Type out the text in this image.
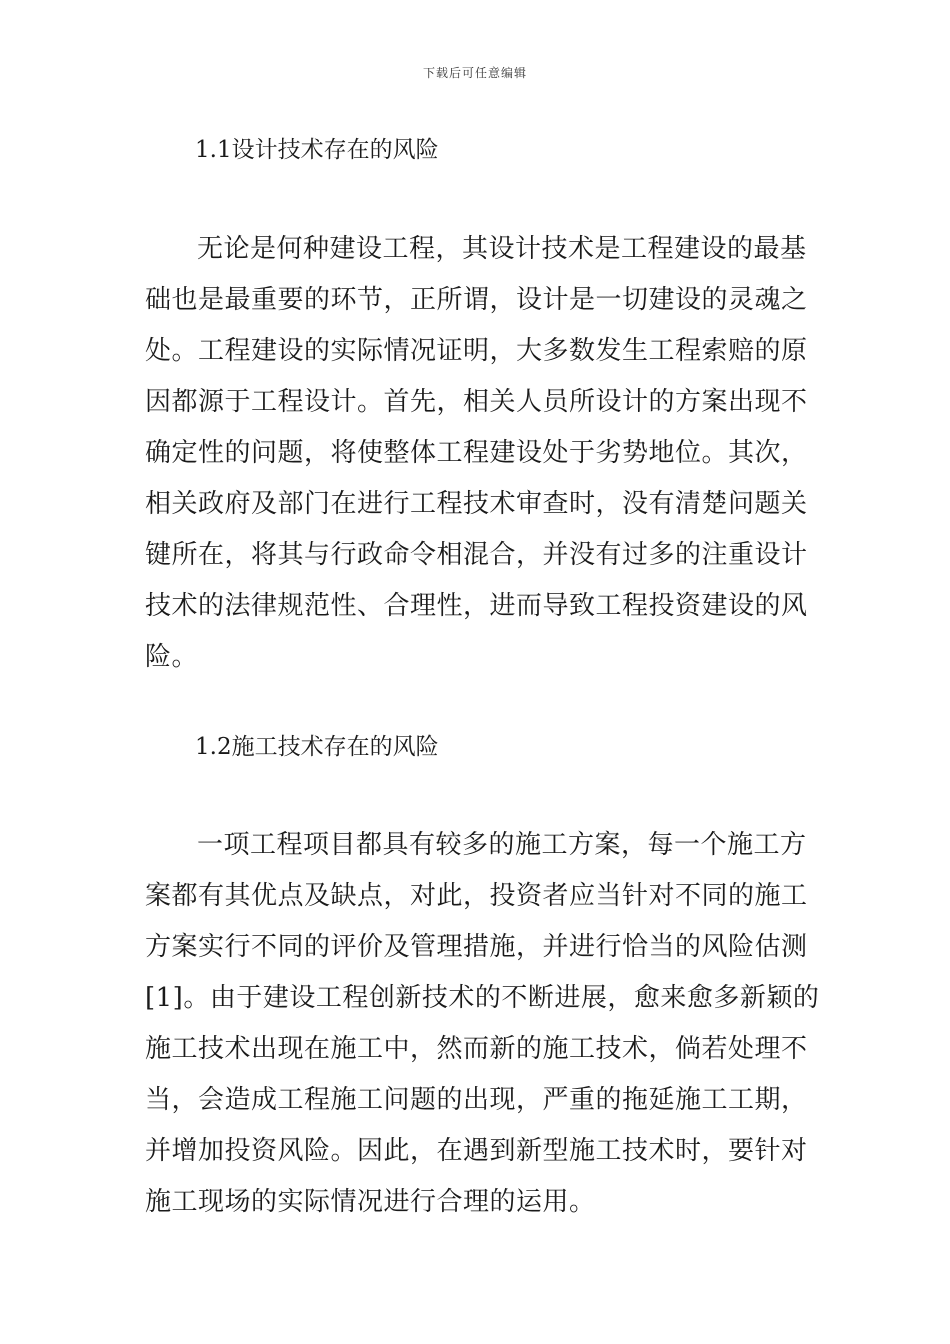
下载后可任意编辑
1.1设计技术存在的风险
无论是何种建设工程，其设计技术是工程建设的最基
础也是最重要的环节，正所谓，设计是一切建设的灵魂之
处。工程建设的实际情况证明，大多数发生工程索赔的原
因都源于工程设计。首先，相关人员所设计的方案出现不
确定性的问题，将使整体工程建设处于劣势地位。其次，
相关政府及部门在进行工程技术审查时，没有清楚问题关
键所在，将其与行政命令相混合，并没有过多的注重设计
技术的法律规范性、合理性，进而导致工程投资建设的风
险。
1.2施工技术存在的风险
一项工程项目都具有较多的施工方案，每一个施工方
案都有其优点及缺点，对此，投资者应当针对不同的施工
方案实行不同的评价及管理措施，并进行恰当的风险估测
[1]。由于建设工程创新技术的不断进展，愈来愈多新颖的
施工技术出现在施工中，然而新的施工技术，倘若处理不
当，会造成工程施工问题的出现，严重的拖延施工工期，
并增加投资风险。因此，在遇到新型施工技术时，要针对
施工现场的实际情况进行合理的运用。
